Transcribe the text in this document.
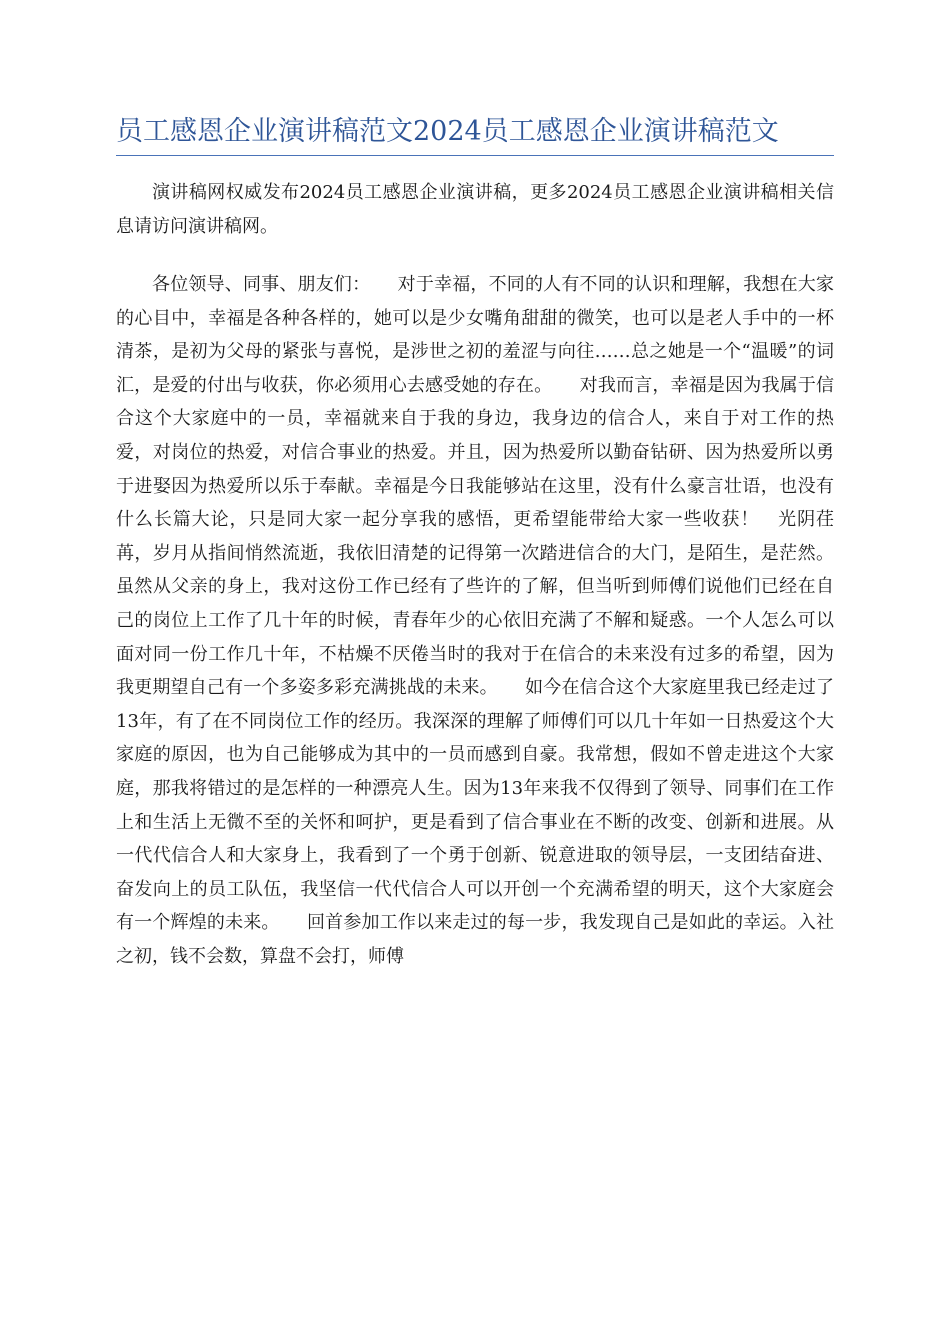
员工感恩企业演讲稿范文2024员工感恩企业演讲稿范文

演讲稿网权威发布2024员工感恩企业演讲稿，更多2024员工感恩企业演讲稿相关信息请访问演讲稿网。

各位领导、同事、朋友们：　　对于幸福，不同的人有不同的认识和理解，我想在大家的心目中，幸福是各种各样的，她可以是少女嘴角甜甜的微笑，也可以是老人手中的一杯清茶，是初为父母的紧张与喜悦，是涉世之初的羞涩与向往……总之她是一个“温暖”的词汇，是爱的付出与收获，你必须用心去感受她的存在。　　对我而言，幸福是因为我属于信合这个大家庭中的一员，幸福就来自于我的身边，我身边的信合人，来自于对工作的热爱，对岗位的热爱，对信合事业的热爱。并且，因为热爱所以勤奋钻研、因为热爱所以勇于进娶因为热爱所以乐于奉献。幸福是今日我能够站在这里，没有什么豪言壮语，也没有什么长篇大论，只是同大家一起分享我的感悟，更希望能带给大家一些收获！　光阴荏苒，岁月从指间悄然流逝，我依旧清楚的记得第一次踏进信合的大门，是陌生，是茫然。虽然从父亲的身上，我对这份工作已经有了些许的了解，但当听到师傅们说他们已经在自己的岗位上工作了几十年的时候，青春年少的心依旧充满了不解和疑惑。一个人怎么可以面对同一份工作几十年，不枯燥不厌倦当时的我对于在信合的未来没有过多的希望，因为我更期望自己有一个多姿多彩充满挑战的未来。　　如今在信合这个大家庭里我已经走过了13年，有了在不同岗位工作的经历。我深深的理解了师傅们可以几十年如一日热爱这个大家庭的原因，也为自己能够成为其中的一员而感到自豪。我常想，假如不曾走进这个大家庭，那我将错过的是怎样的一种漂亮人生。因为13年来我不仅得到了领导、同事们在工作上和生活上无微不至的关怀和呵护，更是看到了信合事业在不断的改变、创新和进展。从一代代信合人和大家身上，我看到了一个勇于创新、锐意进取的领导层，一支团结奋进、奋发向上的员工队伍，我坚信一代代信合人可以开创一个充满希望的明天，这个大家庭会有一个辉煌的未来。　　回首参加工作以来走过的每一步，我发现自己是如此的幸运。入社之初，钱不会数，算盘不会打，师傅
